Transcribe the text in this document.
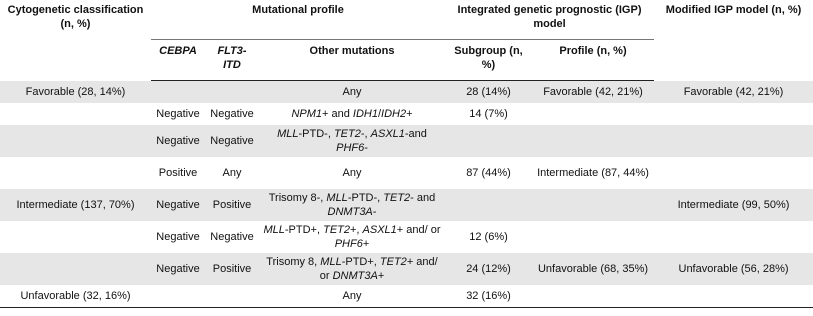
Cytogenetic classification (n, %)	Mutational profile			Integrated genetic prognostic (IGP) model		Modified IGP model (n, %)
	CEBPA	FLT3-ITD	Other mutations	Subgroup (n, %)	Profile (n, %)	
Favorable (28, 14%)			Any	28 (14%)	Favorable (42, 21%)	Favorable (42, 21%)
	Negative	Negative	NPM1+ and IDH1/IDH2+	14 (7%)		
	Negative	Negative	MLL-PTD-, TET2-, ASXL1-and PHF6-			
	Positive	Any	Any	87 (44%)	Intermediate (87, 44%)	
Intermediate (137, 70%)	Negative	Positive	Trisomy 8-, MLL-PTD-, TET2- and DNMT3A-			Intermediate (99, 50%)
	Negative	Negative	MLL-PTD+, TET2+, ASXL1+ and/ or PHF6+	12 (6%)		
	Negative	Positive	Trisomy 8, MLL-PTD+, TET2+ and/ or DNMT3A+	24 (12%)	Unfavorable (68, 35%)	Unfavorable (56, 28%)
Unfavorable (32, 16%)			Any	32 (16%)		
